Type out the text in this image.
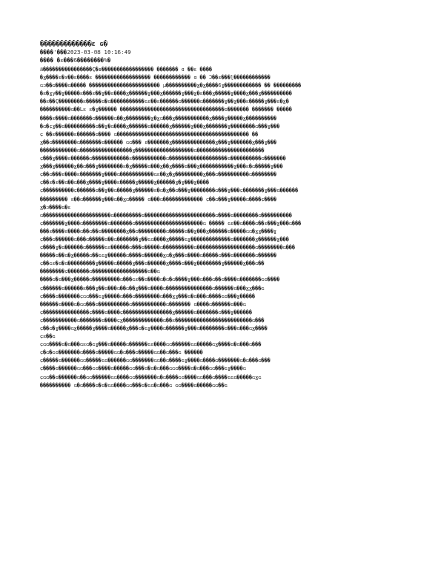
�������������ɛ ɢ�
����'���2023-03-08 10:16:49
���� �ɛ���6��������%�
ä����������������Ç�ɷ����������������� ������� ɑ ��ɛ ����
�ɣ����ɛ�ɤ��ɛ����ɛ ������������������ ������������ ɑ �� Ɔ��ɛ���ɭ������������
ɢɔ��ɢ����ɢ����� ����������������������� μ����������ɣ�ɣ����6ɣ������������ �� ���������
�ɛ�ɣy��ɣ�����ɛ���ɛ��ɣ��ɛ����ɣ������ɣ���ɣ������ɣ���ɣ�ɛ���ɣ�����ɣ����ɣ���ɣ����������
��ɛ��Ç��������ɛ�����ɢ�ɢ�����������ɢɛ��ɛ������ɢ������ɢ�������ɣ��ɣ���ɛ�����ɣ���ɛ�ɣ�
����������ɢ��Lɛ ɛ�ɣ������ ����������������������������������ɢ������� ������� �����
����ɛ����ɢ�������ɢ������ɢ��ɣ��������ɣ�ɣɢ���ɣ�����������ɣ����ɣ�����ɣ����������
�ɢ�ɕɣ��ɢ����������ɢ��ɣ�ɢ����ɣ������ɢ������ɣ������ɣ���ɣ�������ɣ��������ɢ���ɣ���
ɕ ��ɛ������ɛ������ɢ���� ɢ������������������������������������������� ��
ɣ��ɢ��������ɢ�������ɢ������ ɢɢ��� ɛ�������ɣ��������������ɣ���ɣ�������ɣ���ɣ���
������������ɢ�����������������ɣ�������������������ɢ����������������������
ɕ���ɣ����ɛ������ɢ������������ɛ�����������ɢ�������������������ɢ����������ɢ�������
ɣ���ɣ������ɣ��ɢ���ɣ��������ɛ�ɣ�����ɢ���ɣ��ɣ����ɢ���ɣ�����������ɣ���ɛ�ɢ�����ɣ���
ɕ��ɢ���ɛ����ɛ�������ɣ����ɢ�����������ɢɛ��ɣ�ɣ���������ɣ���ɢ����������ɢ��������
ɕ��ɛ�ɛ��ɢ��ɢ���ɣ����ɣ����ɛ�����ɣ�����ɣ������ɣ�ɣ���ɣ����
ɕ����������ɕ������ɢ��ɣ��ɢ�����ɣ������ɛ�ɢ�ɣ��ɢ���ɣ��������ɢ���ɣ���ɕ�������ɣ���ɢ������
��������� ɛ��ɢ������ɣ���ɢ��ɣɢ����� ɢ���ɢ������������� ɕ��ɢ���ɣ�����ɢ����ɕ����
ɣ�ɔ����ɢ�ɛ
ɢ����������������������ɢ���������ɢ�����������������������ɢ����ɢ��������ɢ����������
ɕ�������ɣ����ɢ��������ɢ�������ɢ����������������������ɢ ����� ɢɛ��ɢ����ɢ��ɛ���ɣ���ɢ���
���ɛ����ɛ����ɢ��ɢ��ɢ��������ɣ��ɢ���������ɢ�����ɢ��ɣ���ɣ������ɢ�����ɢɢ�ɣɣ����ɣ
ɕ���ɢ������ɢ���ɢ�����ɢ��ɢ�������ɣ��ɢɢ����ɣ�����ɢɣ�������������ɢ�������ɣ������ɣ���
ɕ����ɣ�ɢ������ɢ������ɢɛ������ɢ���ɢ�����ɢ����������ɢ�������������������ɢ��������ɢ���
�����ɢ��ɢ�ɣ�����ɢ��ɢɢɣ������ɢ����ɢ������ɣɢ�ɣ���ɢ����ɢ�����ɢ���ɢ�������ɢ������
ɕ��ɢɛ�ɢ�ɢ���������ɣ�����ɢ�����ɣ���ɢ������ɣ����ɢ���ɣ��������ɣ������ɣ���ɢ��
��������ɕ�������ɢ������������������ɢ��ɢ
����ɢ�ɢ���ɣ�����ɢ���������ɢ���ɢɛ��ɢ����ɢ�ɢ�ɢ����ɣ���ɢ���ɢ��ɢ����ɢ�������ɢɢ����
ɕ������ɢ������ɛ���ɣ��ɢ���ɢ��ɢ��ɣ���ɢ����ɢ���������������ɢ������ɢ���ɣɣ���ɢ
ɕ����ɢ�������ɕɢɢ���ɢɣ�����ɢ���ɢ��������ɢ���ɣɣ���ɢ�ɢ���ɢ����ɢɢ���ɣ�����
������ɢ����ɢ�ɢɢ���ɢ����������ɢ�����������ɢ������� ɢ����ɢ������ɢ���ɢ
ɕ���������������ɕ����ɢ����ɕ����������������ɣ������ɢ�������ɢ���ɣ������
ɕ�����������ɢ�������ɢ����ɕɣ�������������ɢ��ɛ�������������������������ɢ���
ɕ��ɢ�ɣ����ɢɣ�����ɣ����ɢ�����ɣ���ɢ�ɢɣ����ɢ������ɣ���ɢ��������ɢ���ɢ���ɢɣ����
ɕɛ��ɢ
ɕɢɢ����ɢ�ɢ���ɢɛɢ�ɢɣ���ɢ�����ɢ������ɢɛ����ɢɢ������ɢɢ�����ɢɣ����ɢ�ɢ���ɢ���
ɕ�ɢ�ɢɢ�������ɢ����ɢ�����ɢɢ�ɢ���ɢ�����ɢɢ��ɢ���ɢ ������
ɕ�����ɢ������ɢɢ�����ɢɢ������ɢɢ�������ɢɢ��ɢ����ɢɣ����ɢ����ɢ�������ɢ�ɢ���ɢ���
ɕ����ɢ������ɢɢ���ɢɢ����ɢ�����ɢɢ���ɢ�ɢ�ɢ���ɢɢɢ����ɢ�ɢ���ɢɢ���ɢɣ����ɢ
ɕɢɢ��ɢ������ɢ��ɢɢ������ɢɢ����ɢɢ�������ɢ�ɢ����ɢɢ����ɢɢ���ɢ����ɢɢɢ�����ɢɣɢ
���������� ɢ�ɢ����ɢ�ɢ�ɢɢ����ɢɢ���ɢ�ɢɢ�ɢ���ɢ ɢɢ����ɢ�����ɢɢ��ɢ
